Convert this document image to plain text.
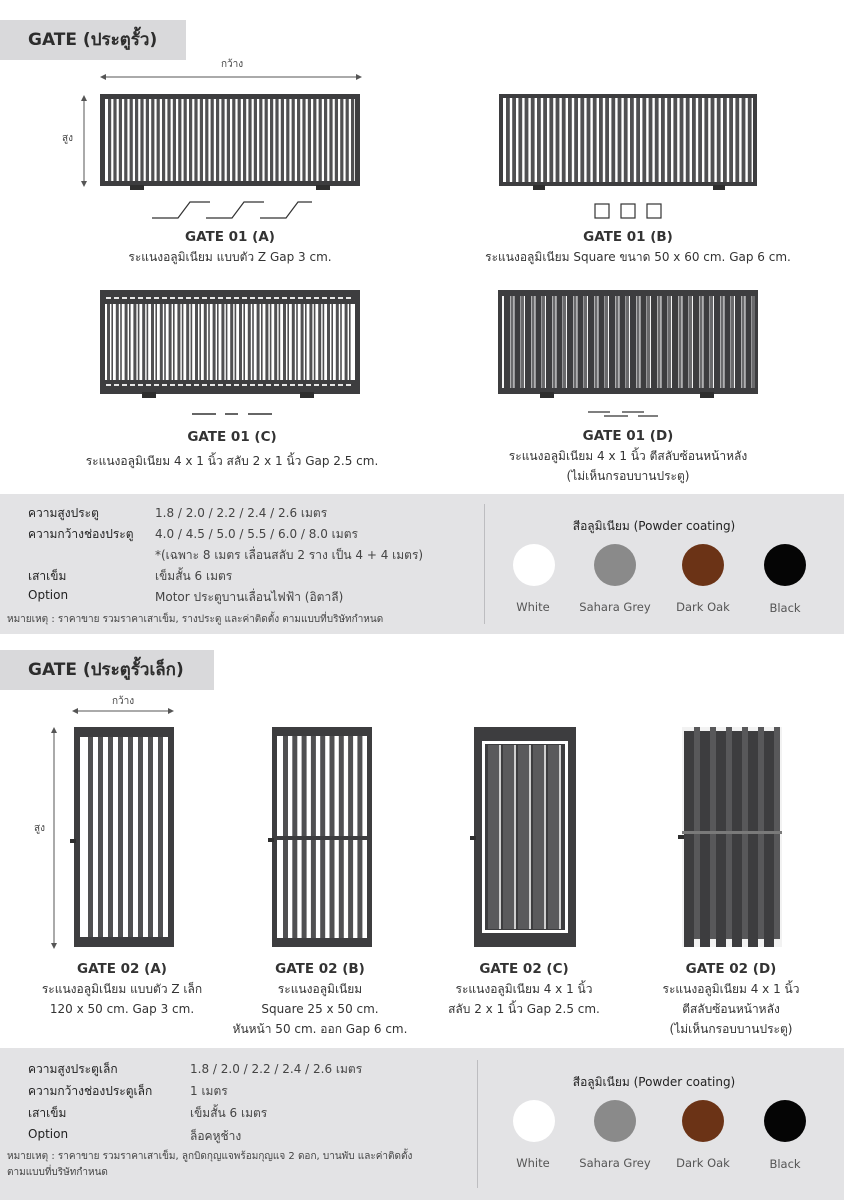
GATE (ประตูรั้ว)
กว้าง
สูง
GATE 01 (A)
ระแนงอลูมิเนียม แบบตัว Z Gap 3 cm.
GATE 01 (B)
ระแนงอลูมิเนียม Square ขนาด 50 x 60 cm. Gap 6 cm.
GATE 01 (C)
ระแนงอลูมิเนียม 4 x 1 นิ้ว สลับ 2 x 1 นิ้ว Gap 2.5 cm.
GATE 01 (D)
ระแนงอลูมิเนียม 4 x 1 นิ้ว ตีสลับซ้อนหน้าหลัง
(ไม่เห็นกรอบบานประตู)
ความสูงประตู	1.8 / 2.0 / 2.2 / 2.4 / 2.6 เมตร
ความกว้างช่องประตู 4.0 / 4.5 / 5.0 / 5.5 / 6.0 / 8.0 เมตร
*(เฉพาะ 8 เมตร เลื่อนสลับ 2 ราง เป็น 4 + 4 เมตร)
เสาเข็ม	เข็มสั้น 6 เมตร
Option	Motor ประตูบานเลื่อนไฟฟ้า (อิตาลี)
หมายเหตุ : ราคาขาย รวมราคาเสาเข็ม, รางประตู และค่าติดตั้ง ตามแบบที่บริษัทกำหนด
สีอลูมิเนียม (Powder coating)
White	Sahara Grey	Dark Oak	Black
GATE (ประตูรั้วเล็ก)
กว้าง
สูง
GATE 02 (A)
ระแนงอลูมิเนียม แบบตัว Z เล็ก
120 x 50 cm. Gap 3 cm.
GATE 02 (B)
ระแนงอลูมิเนียม
Square 25 x 50 cm.
หันหน้า 50 cm. ออก Gap 6 cm.
GATE 02 (C)
ระแนงอลูมิเนียม 4 x 1 นิ้ว
สลับ 2 x 1 นิ้ว Gap 2.5 cm.
GATE 02 (D)
ระแนงอลูมิเนียม 4 x 1 นิ้ว
ตีสลับซ้อนหน้าหลัง
(ไม่เห็นกรอบบานประตู)
ความสูงประตูเล็ก	1.8 / 2.0 / 2.2 / 2.4 / 2.6 เมตร
ความกว้างช่องประตูเล็ก	1 เมตร
เสาเข็ม	เข็มสั้น 6 เมตร
Option	ล็อคหูช้าง
หมายเหตุ : ราคาขาย รวมราคาเสาเข็ม, ลูกบิดกุญแจพร้อมกุญแจ 2 ดอก, บานพับ และค่าติดตั้ง
ตามแบบที่บริษัทกำหนด
สีอลูมิเนียม (Powder coating)
White	Sahara Grey	Dark Oak	Black
